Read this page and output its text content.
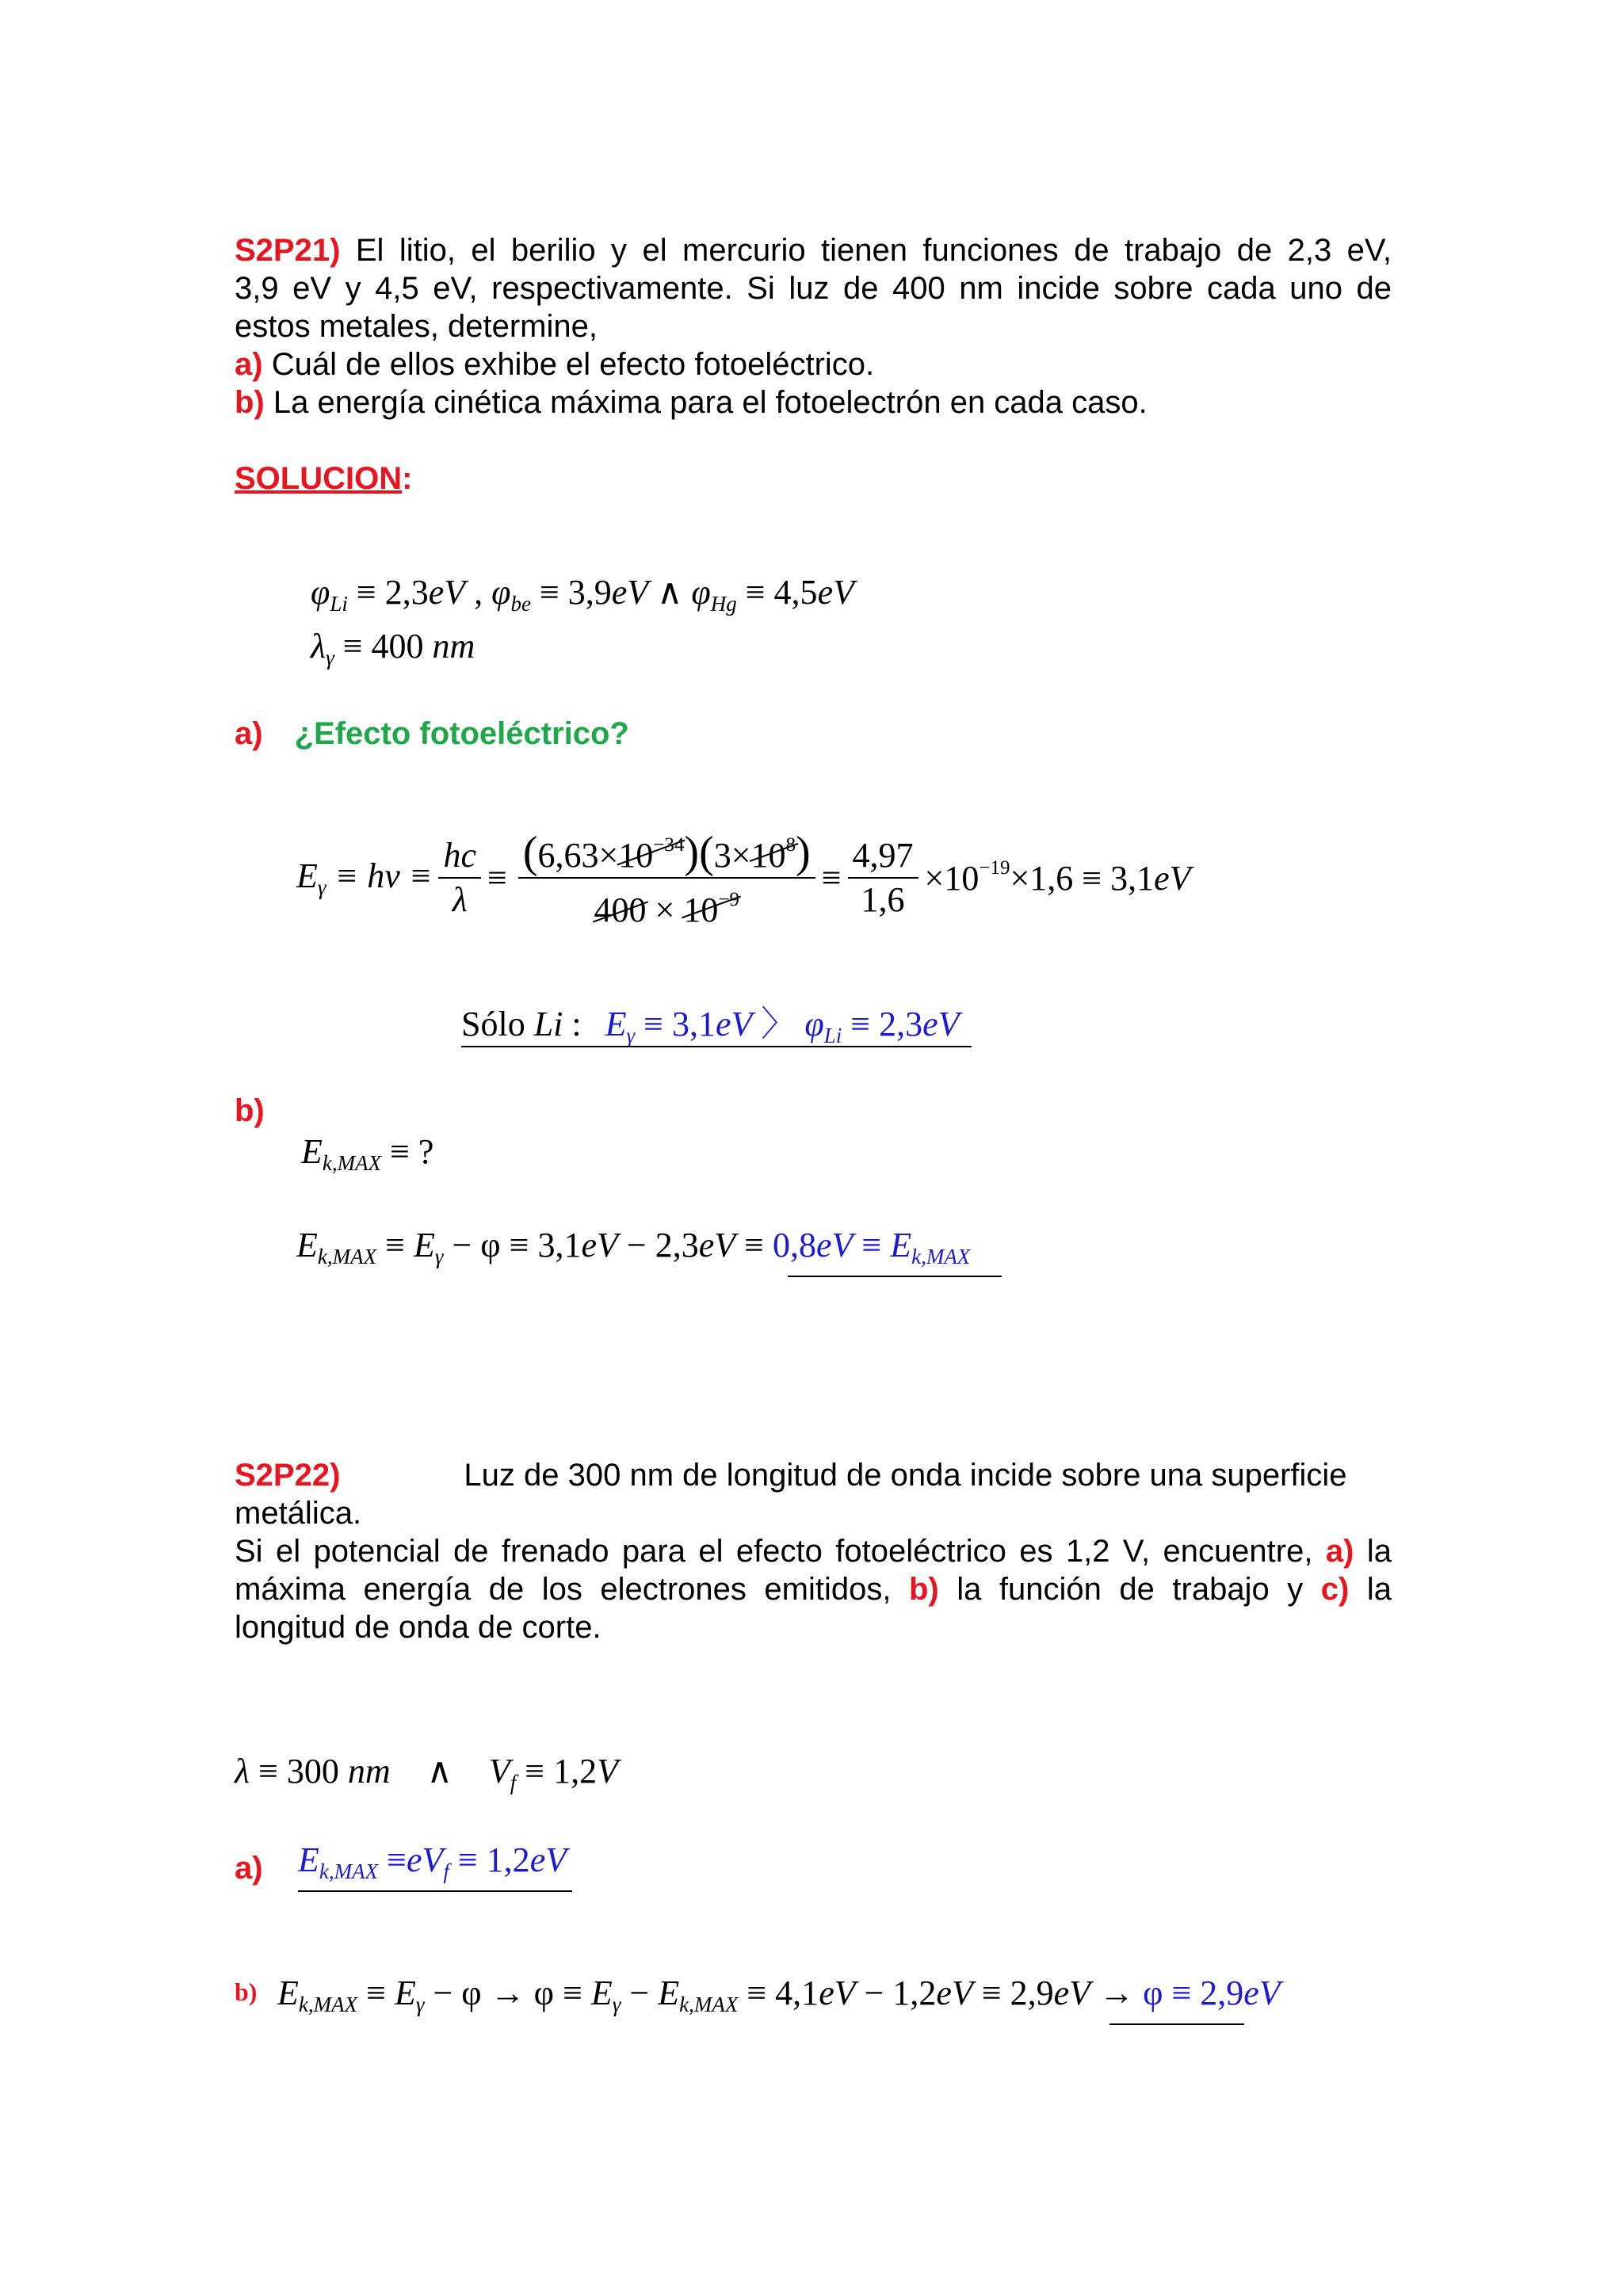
S2P21) El litio, el berilio y el mercurio tienen funciones de trabajo de 2,3 eV,
3,9 eV y 4,5 eV, respectivamente. Si luz de 400 nm incide sobre cada uno de
estos metales, determine,
a) Cuál de ellos exhibe el efecto fotoeléctrico.
b) La energía cinética máxima para el fotoelectrón en cada caso.
SOLUCION:
$\varphi_{Li} \equiv 2,3eV$ , $\varphi_{be} \equiv 3,9eV$ ∧ $\varphi_{Hg} \equiv 4,5eV$
$\lambda_\gamma \equiv 400$ nm
a) ¿Efecto fotoeléctrico?
$E_\gamma \equiv h\nu \equiv \frac{hc}{\lambda} \equiv \frac{(6,63\times 10^{-34})(3\times 10^8)}{400 \times 10^{-9}} \equiv \frac{4,97}{1,6} \times 10^{-19}\times 1,6 \equiv 3,1eV$
Sólo Li : $E_\gamma \equiv 3,1eV$ 〉 $\varphi_{Li} \equiv 2,3eV$
b)
$E_{k,MAX}$ ≡ ?
$E_{k,MAX} \equiv E_\gamma - \varphi \equiv 3,1eV - 2,3eV \equiv 0,8eV \equiv E_{k,MAX}$
S2P22)	Luz de 300 nm de longitud de onda incide sobre una superficie
metálica.
Si el potencial de frenado para el efecto fotoeléctrico es 1,2 V, encuentre, a) la
máxima energía de los electrones emitidos, b) la función de trabajo y c) la
longitud de onda de corte.
λ ≡ 300 nm ∧ $V_f \equiv 1,2V$
a) $E_{k,MAX} \equiv eV_f \equiv 1,2eV$
b) $E_{k,MAX} \equiv E_\gamma - \varphi \to \varphi \equiv E_\gamma - E_{k,MAX} \equiv 4,1eV - 1,2eV \equiv 2,9eV \to \varphi \equiv 2,9eV$
